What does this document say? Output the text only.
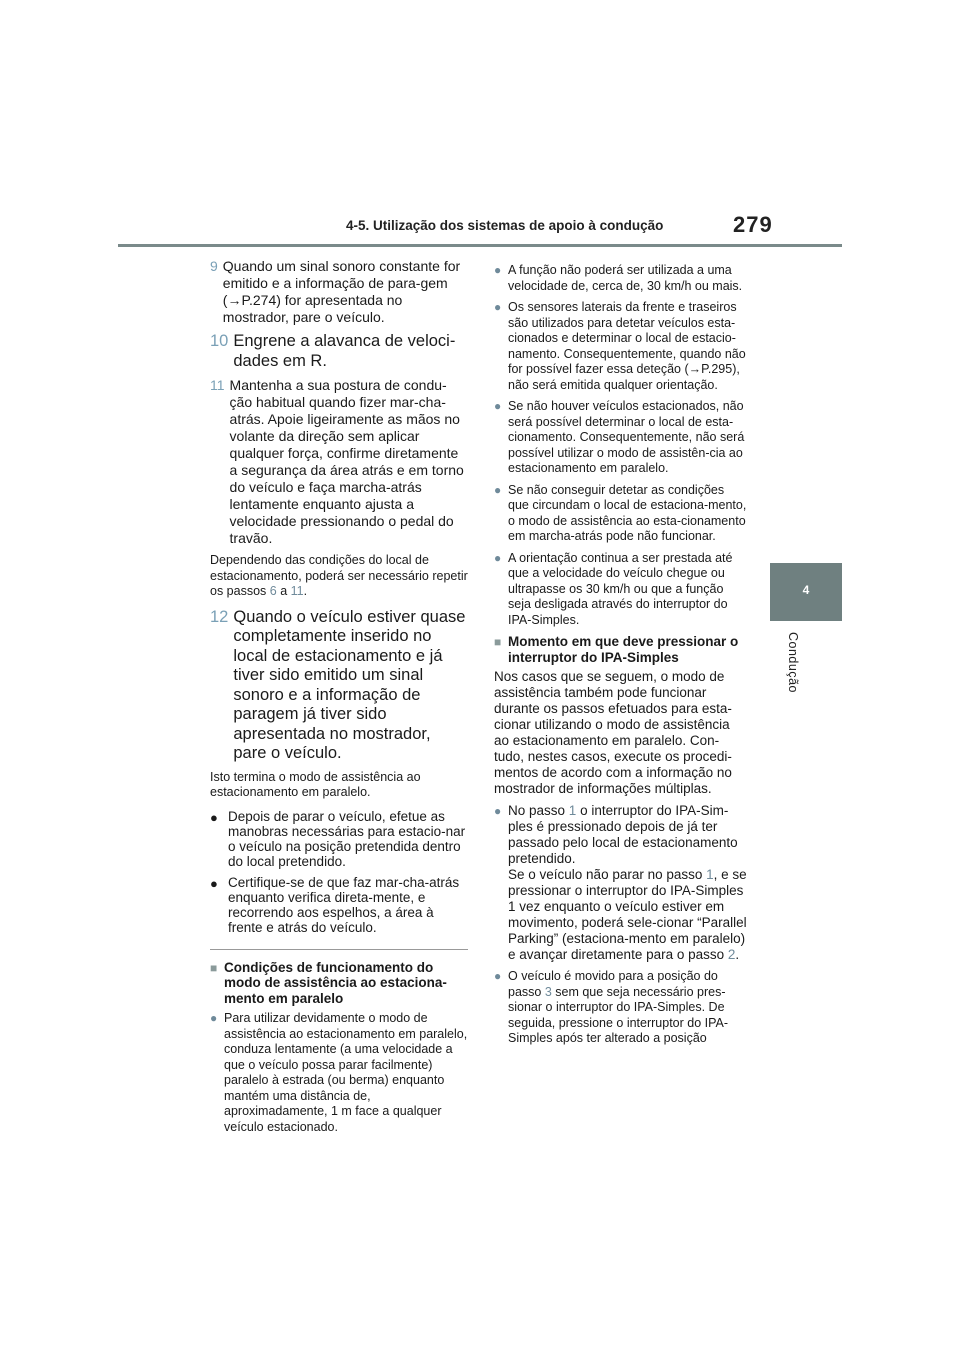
4-5. Utilização dos sistemas de apoio à condução	279
4
Condução
9 Quando um sinal sonoro constante for emitido e a informação de para-gem (→P.274) for apresentada no mostrador, pare o veículo.
10 Engrene a alavanca de veloci-dades em R.
11 Mantenha a sua postura de condu-ção habitual quando fizer mar-cha-atrás. Apoie ligeiramente as mãos no volante da direção sem aplicar qualquer força, confirme diretamente a segurança da área atrás e em torno do veículo e faça marcha-atrás lentamente enquanto ajusta a velocidade pressionando o pedal do travão.
Dependendo das condições do local de estacionamento, poderá ser necessário repetir os passos 6 a 11.
12 Quando o veículo estiver quase completamente inserido no local de estacionamento e já tiver sido emitido um sinal sonoro e a informação de paragem já tiver sido apresentada no mostrador, pare o veículo.
Isto termina o modo de assistência ao estacionamento em paralelo.
● Depois de parar o veículo, efetue as manobras necessárias para estacio-nar o veículo na posição pretendida dentro do local pretendido.
● Certifique-se de que faz mar-cha-atrás enquanto verifica direta-mente, e recorrendo aos espelhos, a área à frente e atrás do veículo.
■ Condições de funcionamento do modo de assistência ao estaciona-mento em paralelo
● Para utilizar devidamente o modo de assistência ao estacionamento em paralelo, conduza lentamente (a uma velocidade a que o veículo possa parar facilmente) paralelo à estrada (ou berma) enquanto mantém uma distância de, aproximadamente, 1 m face a qualquer veículo estacionado.
● A função não poderá ser utilizada a uma velocidade de, cerca de, 30 km/h ou mais.
● Os sensores laterais da frente e traseiros são utilizados para detetar veículos esta-cionados e determinar o local de estacio-namento. Consequentemente, quando não for possível fazer essa deteção (→P.295), não será emitida qualquer orientação.
● Se não houver veículos estacionados, não será possível determinar o local de esta-cionamento. Consequentemente, não será possível utilizar o modo de assistên-cia ao estacionamento em paralelo.
● Se não conseguir detetar as condições que circundam o local de estaciona-mento, o modo de assistência ao esta-cionamento em marcha-atrás pode não funcionar.
● A orientação continua a ser prestada até que a velocidade do veículo chegue ou ultrapasse os 30 km/h ou que a função seja desligada através do interruptor do IPA-Simples.
■ Momento em que deve pressionar o interruptor do IPA-Simples
Nos casos que se seguem, o modo de assistência também pode funcionar durante os passos efetuados para esta-cionar utilizando o modo de assistência ao estacionamento em paralelo. Con-tudo, nestes casos, execute os procedi-mentos de acordo com a informação no mostrador de informações múltiplas.
● No passo 1 o interruptor do IPA-Sim-ples é pressionado depois de já ter passado pelo local de estacionamento pretendido.
Se o veículo não parar no passo 1, e se pressionar o interruptor do IPA-Simples 1 vez enquanto o veículo estiver em movimento, poderá sele-cionar “Parallel Parking” (estaciona-mento em paralelo) e avançar diretamente para o passo 2.
● O veículo é movido para a posição do passo 3 sem que seja necessário pres-sionar o interruptor do IPA-Simples. De seguida, pressione o interruptor do IPA-Simples após ter alterado a posição
